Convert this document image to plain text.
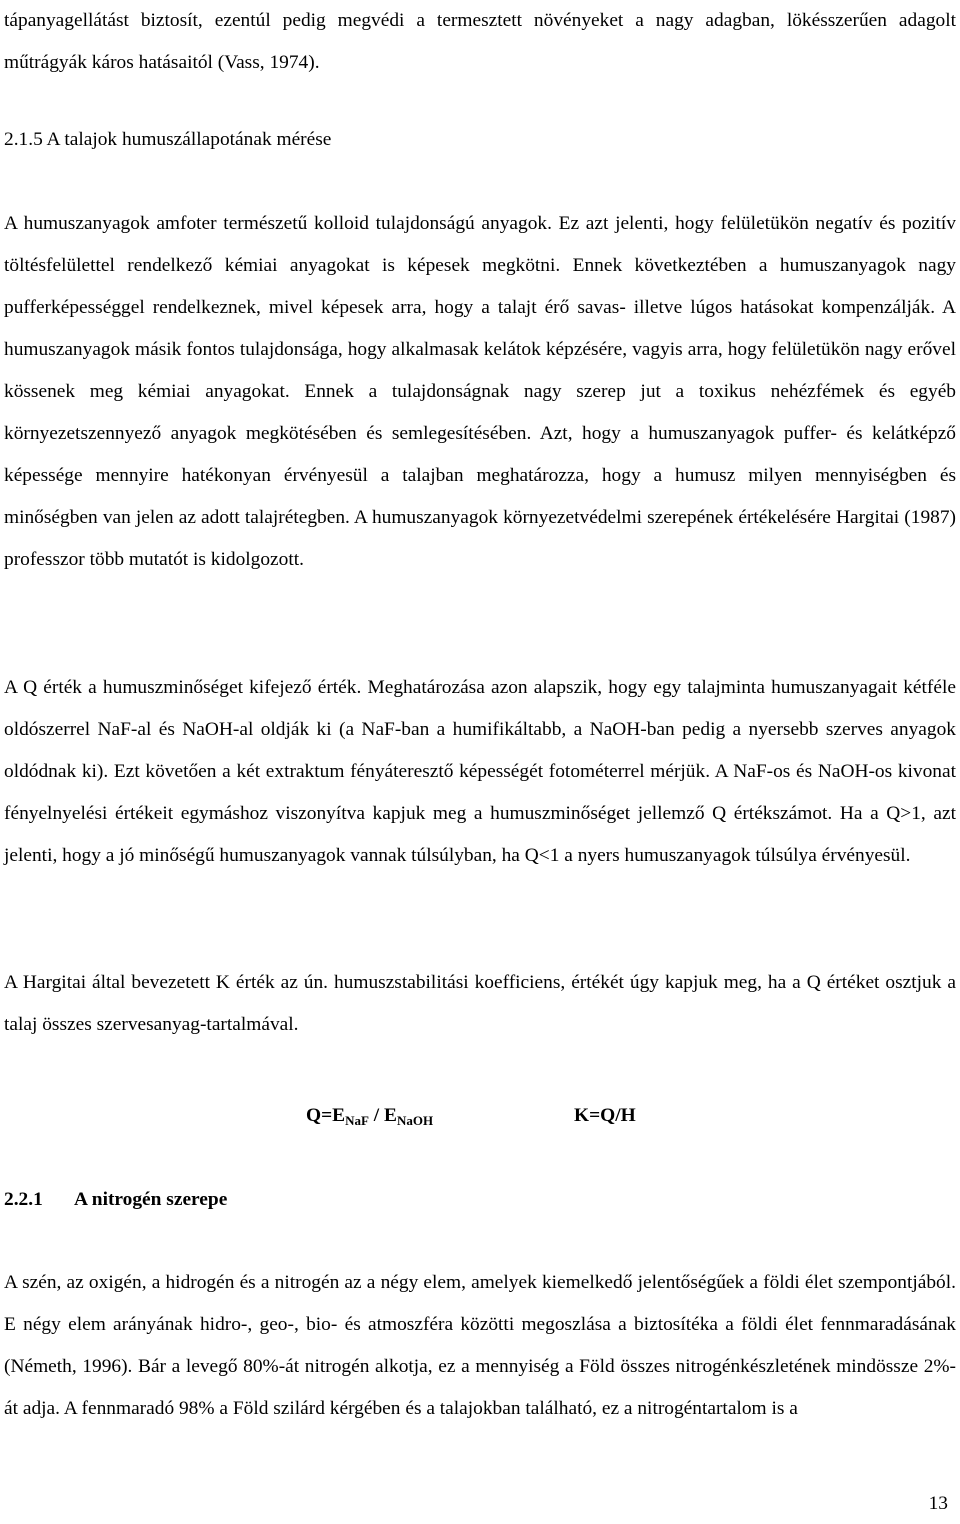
tápanyagellátást biztosít, ezentúl pedig megvédi a termesztett növényeket a nagy adagban, lökésszerűen adagolt műtrágyák káros hatásaitól (Vass, 1974).

2.1.5 A talajok humuszállapotának mérése

A humuszanyagok amfoter természetű kolloid tulajdonságú anyagok. Ez azt jelenti, hogy felületükön negatív és pozitív töltésfelülettel rendelkező kémiai anyagokat is képesek megkötni. Ennek következtében a humuszanyagok nagy pufferképességgel rendelkeznek, mivel képesek arra, hogy a talajt érő savas- illetve lúgos hatásokat kompenzálják. A humuszanyagok másik fontos tulajdonsága, hogy alkalmasak kelátok képzésére, vagyis arra, hogy felületükön nagy erővel kössenek meg kémiai anyagokat. Ennek a tulajdonságnak nagy szerep jut a toxikus nehézfémek és egyéb környezetszennyező anyagok megkötésében és semlegesítésében. Azt, hogy a humuszanyagok puffer- és kelátképző képessége mennyire hatékonyan érvényesül a talajban meghatározza, hogy a humusz milyen mennyiségben és minőségben van jelen az adott talajrétegben. A humuszanyagok környezetvédelmi szerepének értékelésére Hargitai (1987) professzor több mutatót is kidolgozott.

A Q érték a humuszminőséget kifejező érték. Meghatározása azon alapszik, hogy egy talajminta humuszanyagait kétféle oldószerrel NaF-al és NaOH-al oldják ki (a NaF-ban a humifikáltabb, a NaOH-ban pedig a nyersebb szerves anyagok oldódnak ki). Ezt követően a két extraktum fényáteresztő képességét fotométerrel mérjük. A NaF-os és NaOH-os kivonat fényelnyelési értékeit egymáshoz viszonyítva kapjuk meg a humuszminőséget jellemző Q értékszámot. Ha a Q>1, azt jelenti, hogy a jó minőségű humuszanyagok vannak túlsúlyban, ha Q<1 a nyers humuszanyagok túlsúlya érvényesül.

A Hargitai által bevezetett K érték az ún. humuszstabilitási koefficiens, értékét úgy kapjuk meg, ha a Q értéket osztjuk a talaj összes szervesanyag-tartalmával.

$Q=E_{NaF} / E_{NaOH}$	K=Q/H

2.2.1 A nitrogén szerepe

A szén, az oxigén, a hidrogén és a nitrogén az a négy elem, amelyek kiemelkedő jelentőségűek a földi élet szempontjából. E négy elem arányának hidro-, geo-, bio- és atmoszféra közötti megoszlása a biztosítéka a földi élet fennmaradásának (Németh, 1996). Bár a levegő 80%-át nitrogén alkotja, ez a mennyiség a Föld összes nitrogénkészletének mindössze 2%-át adja. A fennmaradó 98% a Föld szilárd kérgében és a talajokban található, ez a nitrogéntartalom is a

13
